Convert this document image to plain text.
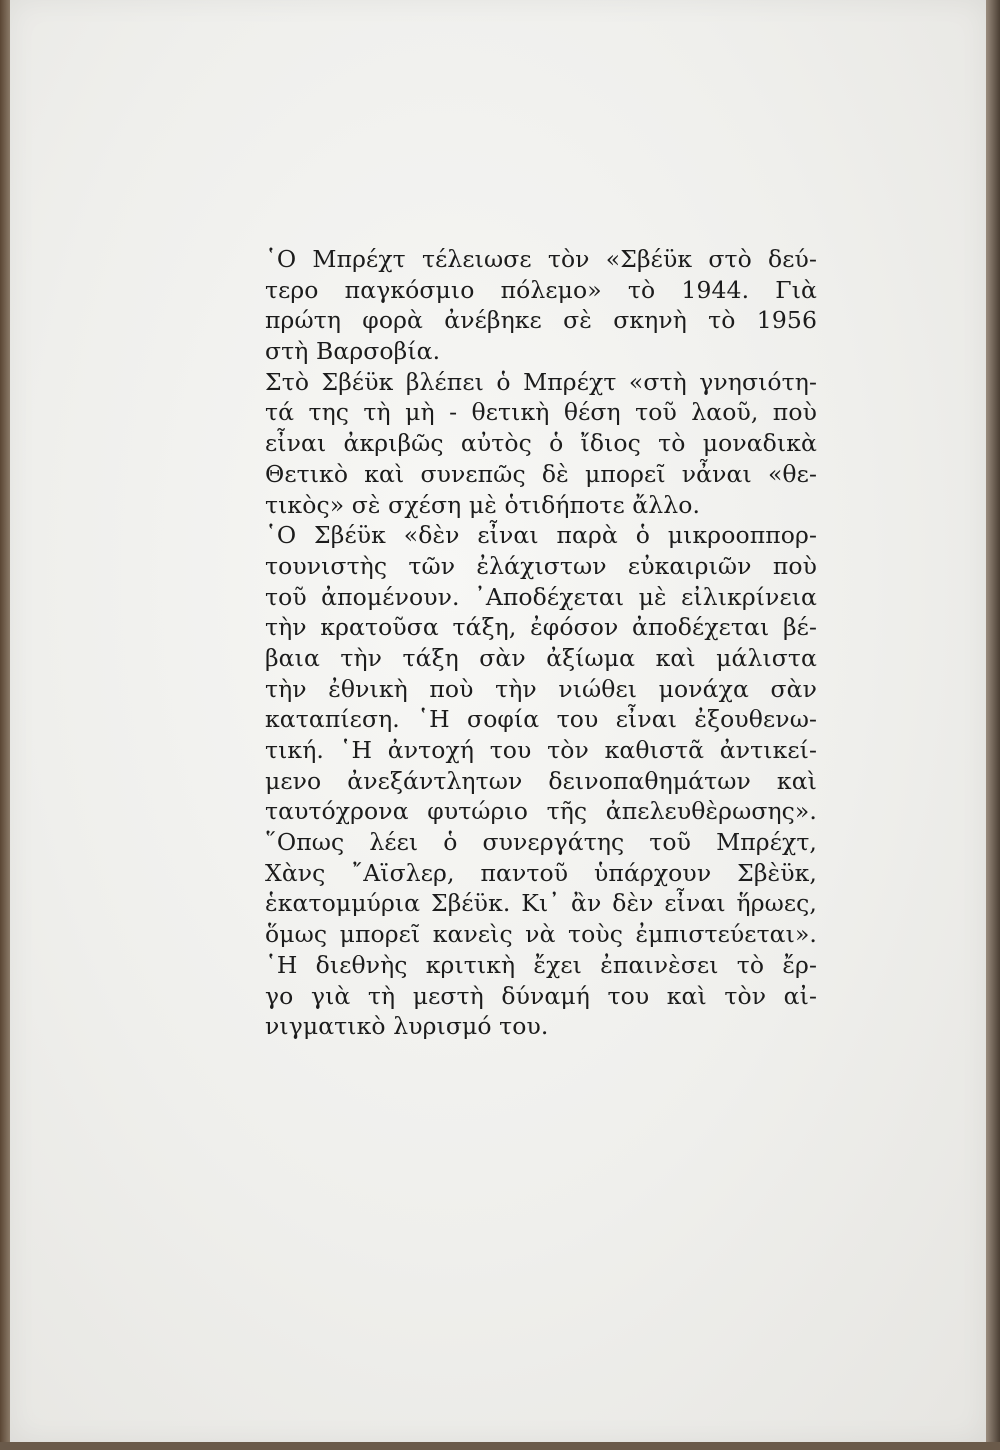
῾Ο Μπρέχτ τέλειωσε τὸν «Σβέϋκ στὸ δεύ-
τερο παγκόσμιο πόλεμο» τὸ 1944. Γιὰ
πρώτη φορὰ ἀνέβηκε σὲ σκηνὴ τὸ 1956
στὴ Βαρσοβία.
Στὸ Σβέϋκ βλέπει ὁ Μπρέχτ «στὴ γνησιότη-
τά της τὴ μὴ - θετικὴ θέση τοῦ λαοῦ, ποὺ
εἶναι ἀκριβῶς αὐτὸς ὁ ἴδιος τὸ μοναδικὰ
Θετικὸ καὶ συνεπῶς δὲ μπορεῖ νἆναι «θε-
τικὸς» σὲ σχέση μὲ ὁτιδήποτε ἄλλο.
῾Ο Σβέϋκ «δὲν εἶναι παρὰ ὁ μικροοππορ-
τουνιστὴς τῶν ἐλάχιστων εὐκαιριῶν ποὺ
τοῦ ἀπομένουν. ᾽Αποδέχεται μὲ εἰλικρίνεια
τὴν κρατοῦσα τάξη, ἐφόσον ἀποδέχεται βέ-
βαια τὴν τάξη σὰν ἀξίωμα καὶ μάλιστα
τὴν ἐθνικὴ ποὺ τὴν νιώθει μονάχα σὰν
καταπίεση. ῾Η σοφία του εἶναι ἐξουθενω-
τική. ῾Η ἀντοχή του τὸν καθιστᾶ ἀντικεί-
μενο ἀνεξάντλητων δεινοπαθημάτων καὶ
ταυτόχρονα φυτώριο τῆς ἀπελευθὲρωσης».
῞Οπως λέει ὁ συνεργάτης τοῦ Μπρέχτ,
Χὰνς ῎Αϊσλερ, παντοῦ ὑπάρχουν Σβὲϋκ,
ἑκατομμύρια Σβέϋκ. Κι᾽ ἂν δὲν εἶναι ἥρωες,
ὅμως μπορεῖ κανεὶς νὰ τοὺς ἐμπιστεύεται».
῾Η διεθνὴς κριτικὴ ἔχει ἐπαινὲσει τὸ ἔρ-
γο γιὰ τὴ μεστὴ δύναμή του καὶ τὸν αἰ-
νιγματικὸ λυρισμό του.
